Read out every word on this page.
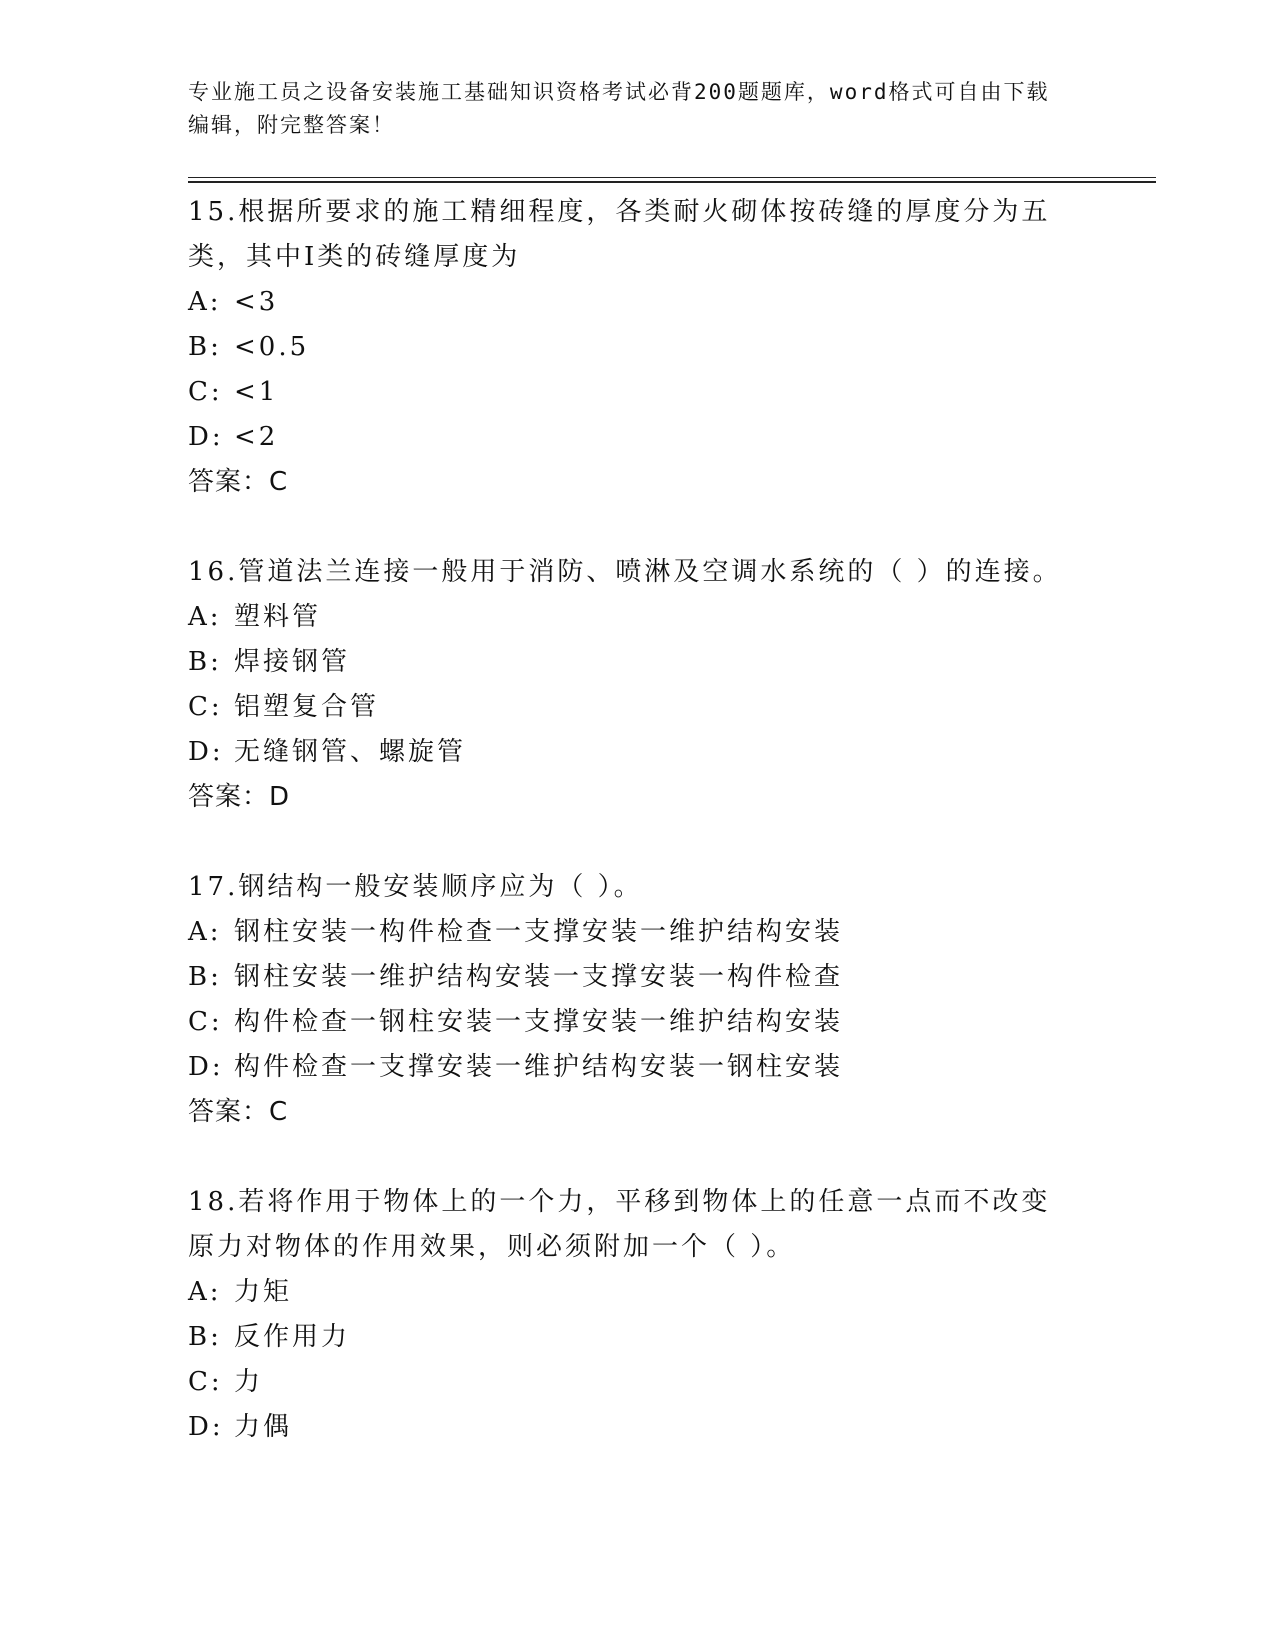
专业施工员之设备安装施工基础知识资格考试必背200题题库，word格式可自由下载编辑，附完整答案！
15.根据所要求的施工精细程度，各类耐火砌体按砖缝的厚度分为五类，其中Ⅰ类的砖缝厚度为
A: <3
B: <0.5
C: <1
D: <2
答案：C
16.管道法兰连接一般用于消防、喷淋及空调水系统的（ ）的连接。
A: 塑料管
B: 焊接钢管
C: 铝塑复合管
D: 无缝钢管、螺旋管
答案：D
17.钢结构一般安装顺序应为（ ）。
A: 钢柱安装一构件检查一支撑安装一维护结构安装
B: 钢柱安装一维护结构安装一支撑安装一构件检查
C: 构件检查一钢柱安装一支撑安装一维护结构安装
D: 构件检查一支撑安装一维护结构安装一钢柱安装
答案：C
18.若将作用于物体上的一个力，平移到物体上的任意一点而不改变原力对物体的作用效果，则必须附加一个（ ）。
A: 力矩
B: 反作用力
C: 力
D: 力偶
